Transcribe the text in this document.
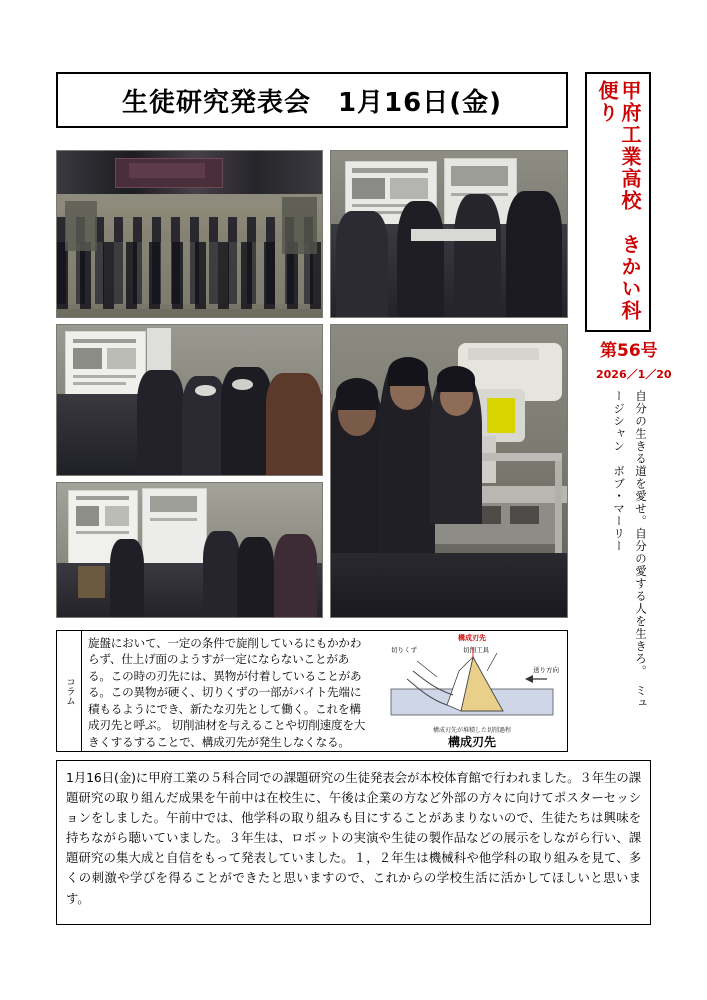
生徒研究発表会　1月16日(金)	甲府工業高校　きかい科　便り
第56号
2026／1／20
自分の生きる道を愛せ。自分の愛する人を生きろ。　ミュージシャン　ボブ・マーリー
コラム
旋盤において、一定の条件で旋削しているにもかかわらず、仕上げ面のようすが一定にならないことがある。この時の刃先には、異物が付着していることがある。この異物が硬く、切りくずの一部がバイト先端に積もるようにでき、新たな刃先として働く。これを構成刃先と呼ぶ。 切削油材を与えることや切削速度を大きくするすることで、構成刃先が発生しなくなる。
構成刃先
切りくず	切削工具
送り方向
構成刃先が堆積した切削過程
構成刃先
1月16日(金)に甲府工業の５科合同での課題研究の生徒発表会が本校体育館で行われました。３年生の課題研究の取り組んだ成果を午前中は在校生に、午後は企業の方など外部の方々に向けてポスターセッションをしました。午前中では、他学科の取り組みも目にすることがあまりないので、生徒たちは興味を持ちながら聴いていました。３年生は、ロボットの実演や生徒の製作品などの展示をしながら行い、課題研究の集大成と自信をもって発表していました。１，２年生は機械科や他学科の取り組みを見て、多くの刺激や学びを得ることができたと思いますので、これからの学校生活に活かしてほしいと思います。
